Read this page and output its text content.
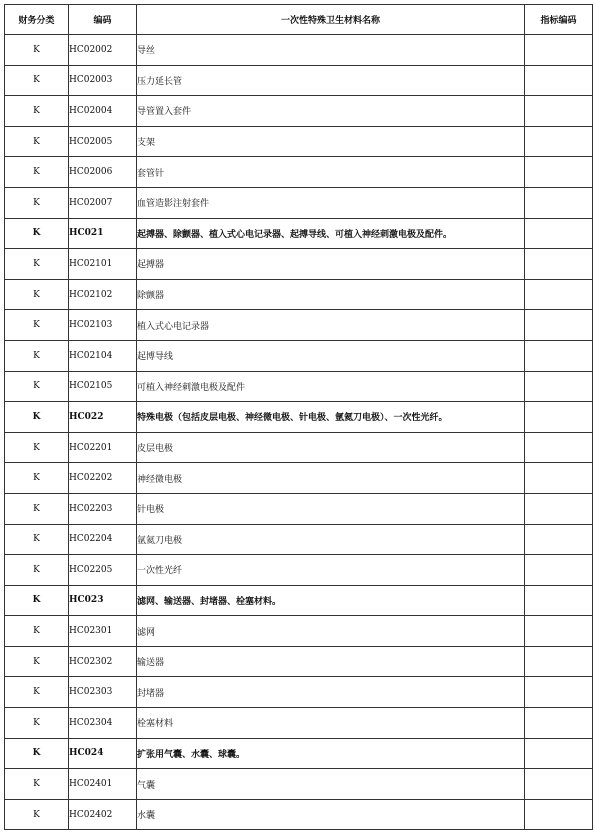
财务分类	编码	一次性特殊卫生材料名称	指标编码
K	HC02002	导丝	
K	HC02003	压力延长管	
K	HC02004	导管置入套件	
K	HC02005	支架	
K	HC02006	套管针	
K	HC02007	血管造影注射套件	
K	HC021	起搏器、除颤器、植入式心电记录器、起搏导线、可植入神经刺激电极及配件。	
K	HC02101	起搏器	
K	HC02102	除颤器	
K	HC02103	植入式心电记录器	
K	HC02104	起博导线	
K	HC02105	可植入神经刺激电极及配件	
K	HC022	特殊电极（包括皮层电极、神经微电极、针电极、氩氦刀电极）、一次性光纤。	
K	HC02201	皮层电极	
K	HC02202	神经微电极	
K	HC02203	针电极	
K	HC02204	氩氦刀电极	
K	HC02205	一次性光纤	
K	HC023	滤网、输送器、封堵器、栓塞材料。	
K	HC02301	滤网	
K	HC02302	输送器	
K	HC02303	封堵器	
K	HC02304	栓塞材料	
K	HC024	扩张用气囊、水囊、球囊。	
K	HC02401	气囊	
K	HC02402	水囊	
